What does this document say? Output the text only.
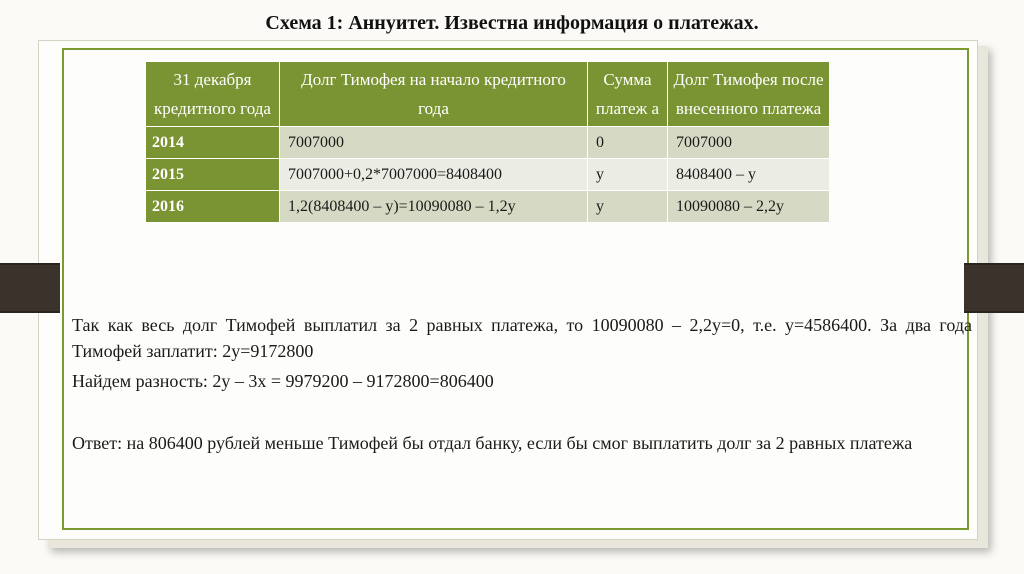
Схема 1: Аннуитет. Известна информация о платежах.
31 декабря кредитного года	Долг Тимофея на начало кредитного года	Сумма платеж а	Долг Тимофея после внесенного платежа
2014	7007000	0	7007000
2015	7007000+0,2*7007000=8408400	y	8408400 – y
2016	1,2(8408400 – y)=10090080 – 1,2y	y	10090080 – 2,2y

Так как весь долг Тимофей выплатил за 2 равных платежа, то 10090080 – 2,2y=0, т.е. y=4586400. За два года Тимофей заплатит: 2y=9172800

Найдем разность: 2y – 3x = 9979200 – 9172800=806400

Ответ: на 806400 рублей меньше Тимофей бы отдал банку, если бы смог выплатить долг за 2 равных платежа
